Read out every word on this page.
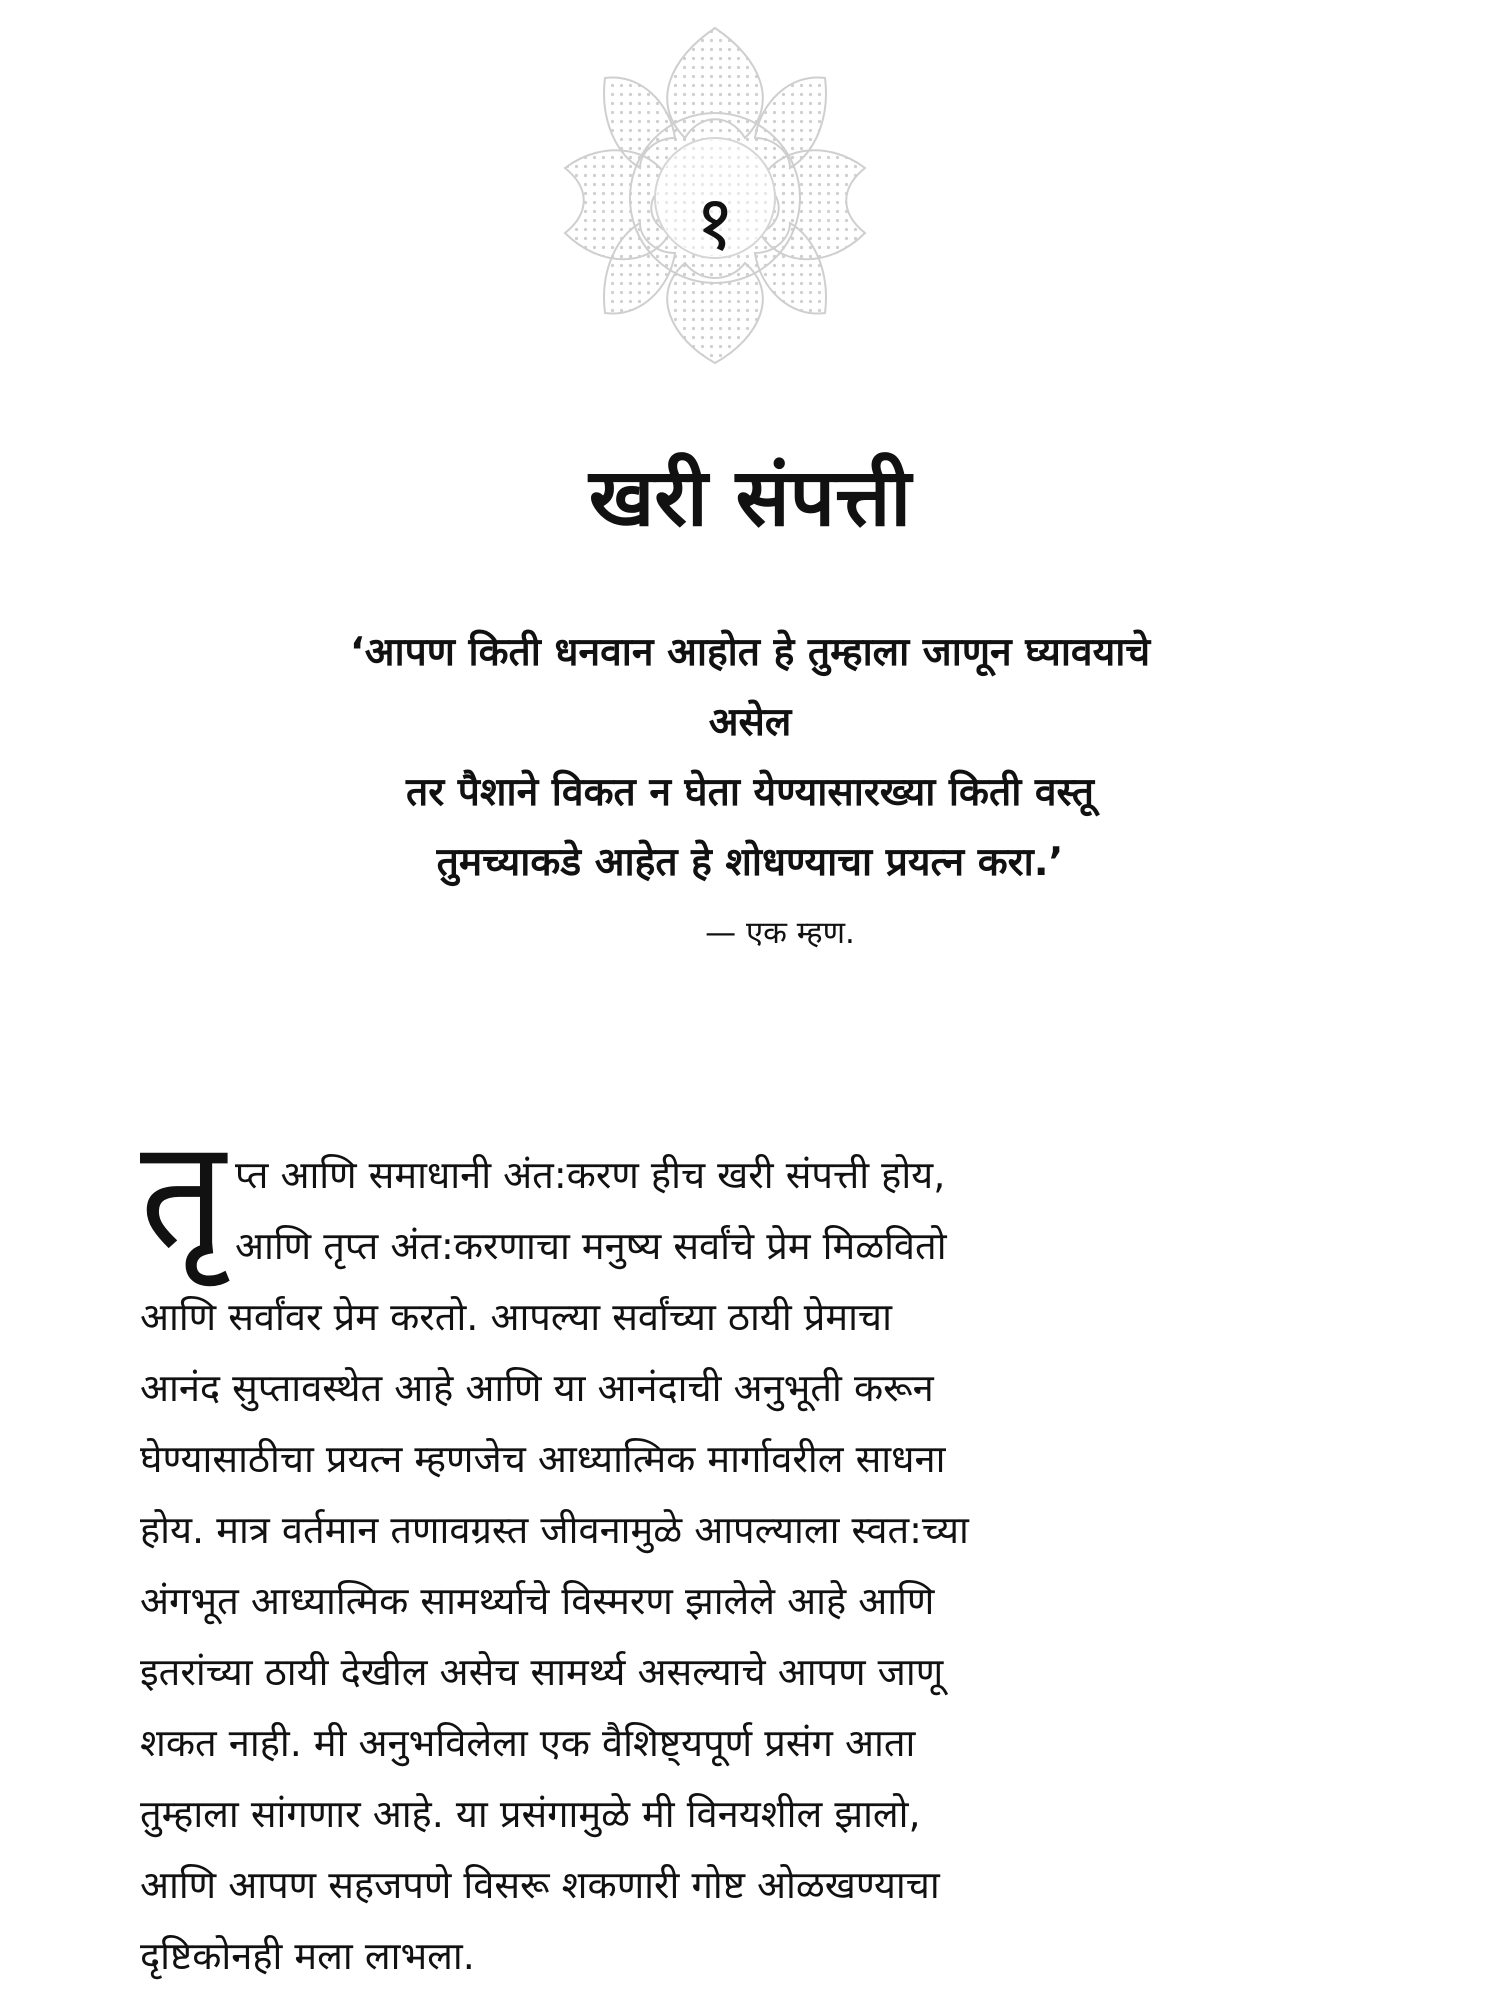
१
खरी संपत्ती
‘आपण किती धनवान आहोत हे तुम्हाला जाणून घ्यावयाचे
असेल
तर पैशाने विकत न घेता येण्यासारख्या किती वस्तू
तुमच्याकडे आहेत हे शोधण्याचा प्रयत्न करा.’
— एक म्हण.
तृ प्त आणि समाधानी अंत:करण हीच खरी संपत्ती होय,
आणि तृप्त अंत:करणाचा मनुष्य सर्वांचे प्रेम मिळवितो
आणि सर्वांवर प्रेम करतो. आपल्या सर्वांच्या ठायी प्रेमाचा
आनंद सुप्तावस्थेत आहे आणि या आनंदाची अनुभूती करून
घेण्यासाठीचा प्रयत्न म्हणजेच आध्यात्मिक मार्गावरील साधना
होय. मात्र वर्तमान तणावग्रस्त जीवनामुळे आपल्याला स्वत:च्या
अंगभूत आध्यात्मिक सामर्थ्याचे विस्मरण झालेले आहे आणि
इतरांच्या ठायी देखील असेच सामर्थ्य असल्याचे आपण जाणू
शकत नाही. मी अनुभविलेला एक वैशिष्ट्यपूर्ण प्रसंग आता
तुम्हाला सांगणार आहे. या प्रसंगामुळे मी विनयशील झालो,
आणि आपण सहजपणे विसरू शकणारी गोष्ट ओळखण्याचा
दृष्टिकोनही मला लाभला.
